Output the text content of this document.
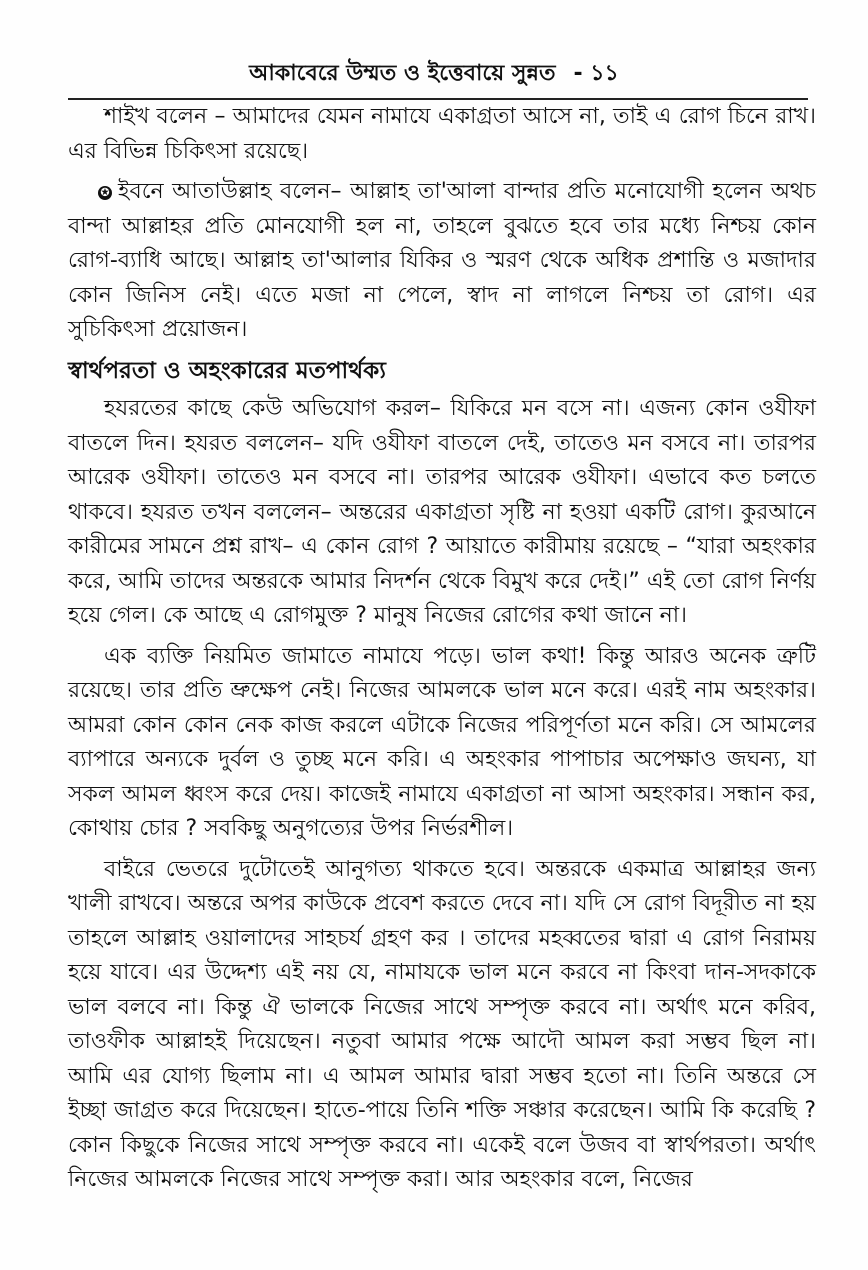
আকাবেরে উম্মত ও ইত্তেবায়ে সুন্নত - ১১

শাইখ বলেন – আমাদের যেমন নামাযে একাগ্রতা আসে না, তাই এ রোগ চিনে রাখ। এর বিভিন্ন চিকিৎসা রয়েছে।

✪ ইবনে আতাউল্লাহ বলেন– আল্লাহ তা'আলা বান্দার প্রতি মনোযোগী হলেন অথচ বান্দা আল্লাহর প্রতি মোনযোগী হল না, তাহলে বুঝতে হবে তার মধ্যে নিশ্চয় কোন রোগ-ব্যাধি আছে। আল্লাহ তা'আলার যিকির ও স্মরণ থেকে অধিক প্রশান্তি ও মজাদার কোন জিনিস নেই। এতে মজা না পেলে, স্বাদ না লাগলে নিশ্চয় তা রোগ। এর সুচিকিৎসা প্রয়োজন।

স্বার্থপরতা ও অহংকারের মতপার্থক্য

হযরতের কাছে কেউ অভিযোগ করল– যিকিরে মন বসে না। এজন্য কোন ওযীফা বাতলে দিন। হযরত বললেন– যদি ওযীফা বাতলে দেই, তাতেও মন বসবে না। তারপর আরেক ওযীফা। তাতেও মন বসবে না। তারপর আরেক ওযীফা। এভাবে কত চলতে থাকবে। হযরত তখন বললেন– অন্তরের একাগ্রতা সৃষ্টি না হওয়া একটি রোগ। কুরআনে কারীমের সামনে প্রশ্ন রাখ– এ কোন রোগ ? আয়াতে কারীমায় রয়েছে – “যারা অহংকার করে, আমি তাদের অন্তরকে আমার নিদর্শন থেকে বিমুখ করে দেই।” এই তো রোগ নির্ণয় হয়ে গেল। কে আছে এ রোগমুক্ত ? মানুষ নিজের রোগের কথা জানে না।

এক ব্যক্তি নিয়মিত জামাতে নামাযে পড়ে। ভাল কথা! কিন্তু আরও অনেক ত্রুটি রয়েছে। তার প্রতি ভ্রুক্ষেপ নেই। নিজের আমলকে ভাল মনে করে। এরই নাম অহংকার। আমরা কোন কোন নেক কাজ করলে এটাকে নিজের পরিপূর্ণতা মনে করি। সে আমলের ব্যাপারে অন্যকে দুর্বল ও তুচ্ছ মনে করি। এ অহংকার পাপাচার অপেক্ষাও জঘন্য, যা সকল আমল ধ্বংস করে দেয়। কাজেই নামাযে একাগ্রতা না আসা অহংকার। সন্ধান কর, কোথায় চোর ? সবকিছু অনুগত্যের উপর নির্ভরশীল।

বাইরে ভেতরে দুটোতেই আনুগত্য থাকতে হবে। অন্তরকে একমাত্র আল্লাহর জন্য খালী রাখবে। অন্তরে অপর কাউকে প্রবেশ করতে দেবে না। যদি সে রোগ বিদূরীত না হয় তাহলে আল্লাহ ওয়ালাদের সাহচর্য গ্রহণ কর । তাদের মহব্বতের দ্বারা এ রোগ নিরাময় হয়ে যাবে। এর উদ্দেশ্য এই নয় যে, নামাযকে ভাল মনে করবে না কিংবা দান-সদকাকে ভাল বলবে না। কিন্তু ঐ ভালকে নিজের সাথে সম্পৃক্ত করবে না। অর্থাৎ মনে করিব, তাওফীক আল্লাহই দিয়েছেন। নতুবা আমার পক্ষে আদৌ আমল করা সম্ভব ছিল না। আমি এর যোগ্য ছিলাম না। এ আমল আমার দ্বারা সম্ভব হতো না। তিনি অন্তরে সে ইচ্ছা জাগ্রত করে দিয়েছেন। হাতে-পায়ে তিনি শক্তি সঞ্চার করেছেন। আমি কি করেছি ? কোন কিছুকে নিজের সাথে সম্পৃক্ত করবে না। একেই বলে উজব বা স্বার্থপরতা। অর্থাৎ নিজের আমলকে নিজের সাথে সম্পৃক্ত করা। আর অহংকার বলে, নিজের
